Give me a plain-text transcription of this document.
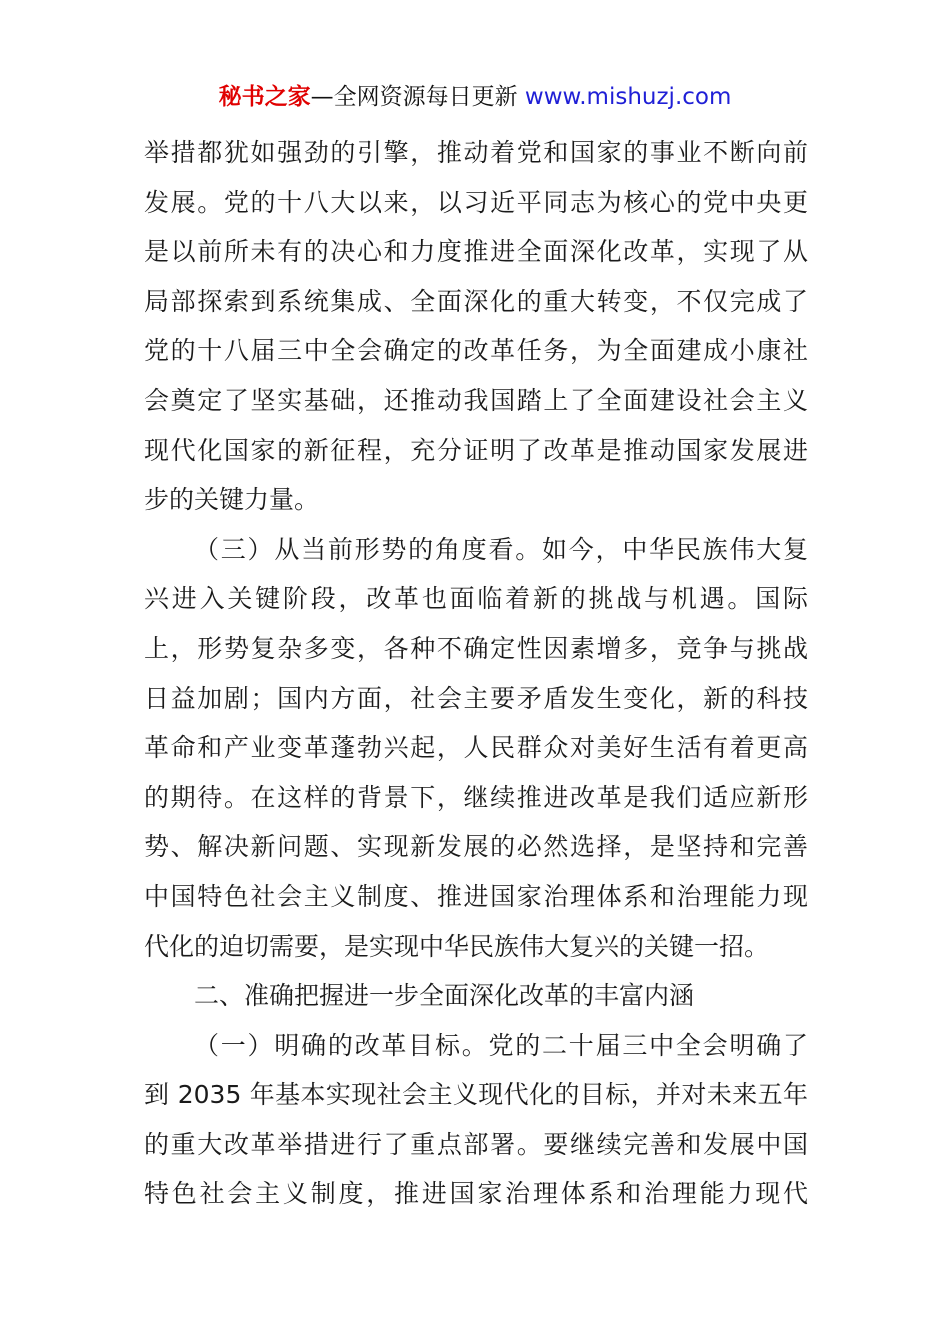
秘书之家—全网资源每日更新 www.mishuzj.com
举措都犹如强劲的引擎，推动着党和国家的事业不断向前
发展。党的十八大以来，以习近平同志为核心的党中央更
是以前所未有的决心和力度推进全面深化改革，实现了从
局部探索到系统集成、全面深化的重大转变，不仅完成了
党的十八届三中全会确定的改革任务，为全面建成小康社
会奠定了坚实基础，还推动我国踏上了全面建设社会主义
现代化国家的新征程，充分证明了改革是推动国家发展进
步的关键力量。
（三）从当前形势的角度看。如今，中华民族伟大复
兴进入关键阶段，改革也面临着新的挑战与机遇。国际
上，形势复杂多变，各种不确定性因素增多，竞争与挑战
日益加剧；国内方面，社会主要矛盾发生变化，新的科技
革命和产业变革蓬勃兴起，人民群众对美好生活有着更高
的期待。在这样的背景下，继续推进改革是我们适应新形
势、解决新问题、实现新发展的必然选择，是坚持和完善
中国特色社会主义制度、推进国家治理体系和治理能力现
代化的迫切需要，是实现中华民族伟大复兴的关键一招。
二、准确把握进一步全面深化改革的丰富内涵
（一）明确的改革目标。党的二十届三中全会明确了
到 2035 年基本实现社会主义现代化的目标，并对未来五年
的重大改革举措进行了重点部署。要继续完善和发展中国
特色社会主义制度，推进国家治理体系和治理能力现代
